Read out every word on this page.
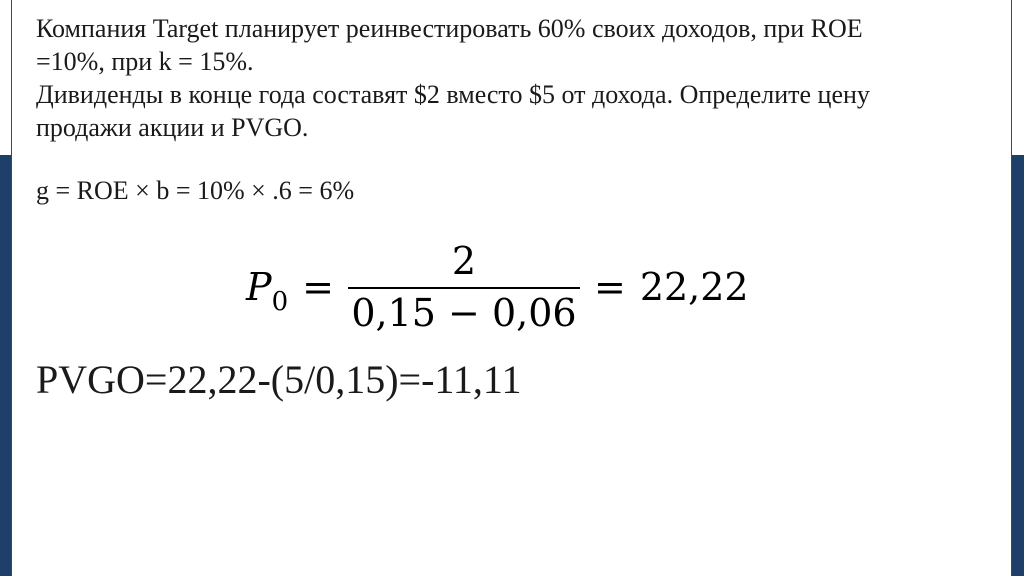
Компания Target планирует реинвестировать 60% своих доходов, при ROE

=10%, при k = 15%.

Дивиденды в конце года составят $2 вместо $5 от дохода. Определите цену

продажи акции и PVGO.

g = ROE × b = 10% × .6 = 6%
P $0 = \frac{2}{0,15 - 0,06} = 22,22$
PVGO=22,22-(5/0,15)=-11,11
